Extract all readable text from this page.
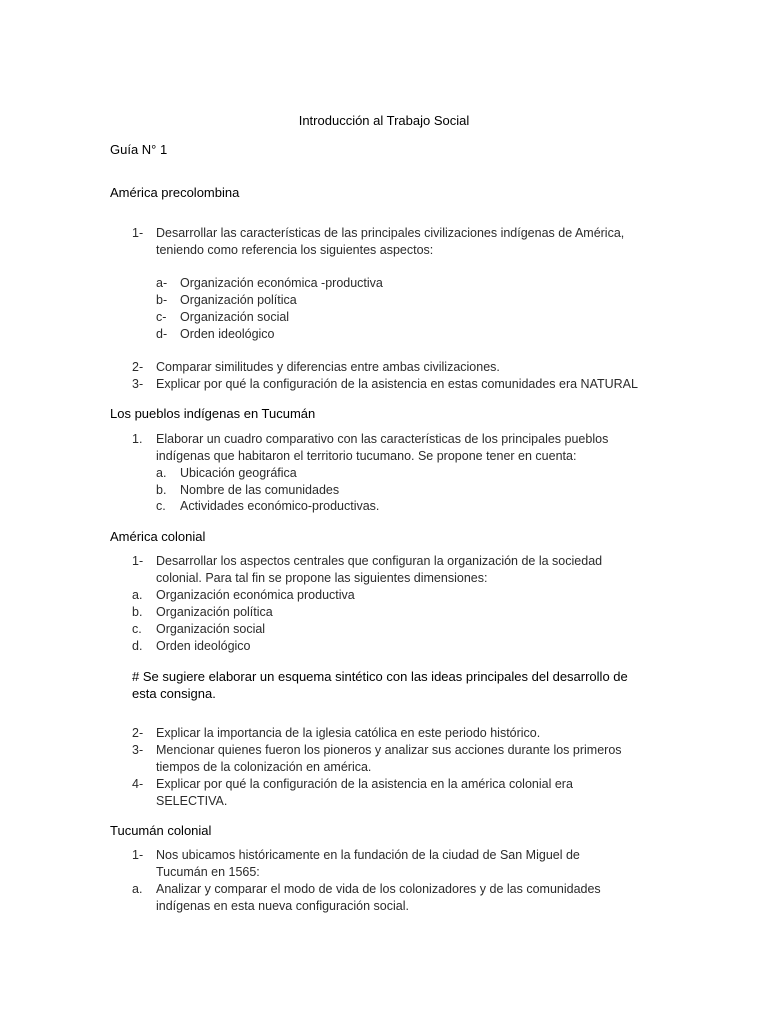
Introducción al Trabajo Social
Guía N° 1
América precolombina
1- Desarrollar las características de las principales civilizaciones indígenas de América,
teniendo como referencia los siguientes aspectos:
a- Organización económica -productiva
b- Organización política
c- Organización social
d- Orden ideológico
2- Comparar similitudes y diferencias entre ambas civilizaciones.
3- Explicar por qué la configuración de la asistencia en estas comunidades era NATURAL
Los pueblos indígenas en Tucumán
1. Elaborar un cuadro comparativo con las características de los principales pueblos
indígenas que habitaron el territorio tucumano. Se propone tener en cuenta:
a. Ubicación geográfica
b. Nombre de las comunidades
c. Actividades económico-productivas.
América colonial
1- Desarrollar los aspectos centrales que configuran la organización de la sociedad
colonial. Para tal fin se propone las siguientes dimensiones:
a. Organización económica productiva
b. Organización política
c. Organización social
d. Orden ideológico
# Se sugiere elaborar un esquema sintético con las ideas principales del desarrollo de
esta consigna.
2- Explicar la importancia de la iglesia católica en este periodo histórico.
3- Mencionar quienes fueron los pioneros y analizar sus acciones durante los primeros
tiempos de la colonización en américa.
4- Explicar por qué la configuración de la asistencia en la américa colonial era
SELECTIVA.
Tucumán colonial
1- Nos ubicamos históricamente en la fundación de la ciudad de San Miguel de
Tucumán en 1565:
a. Analizar y comparar el modo de vida de los colonizadores y de las comunidades
indígenas en esta nueva configuración social.
